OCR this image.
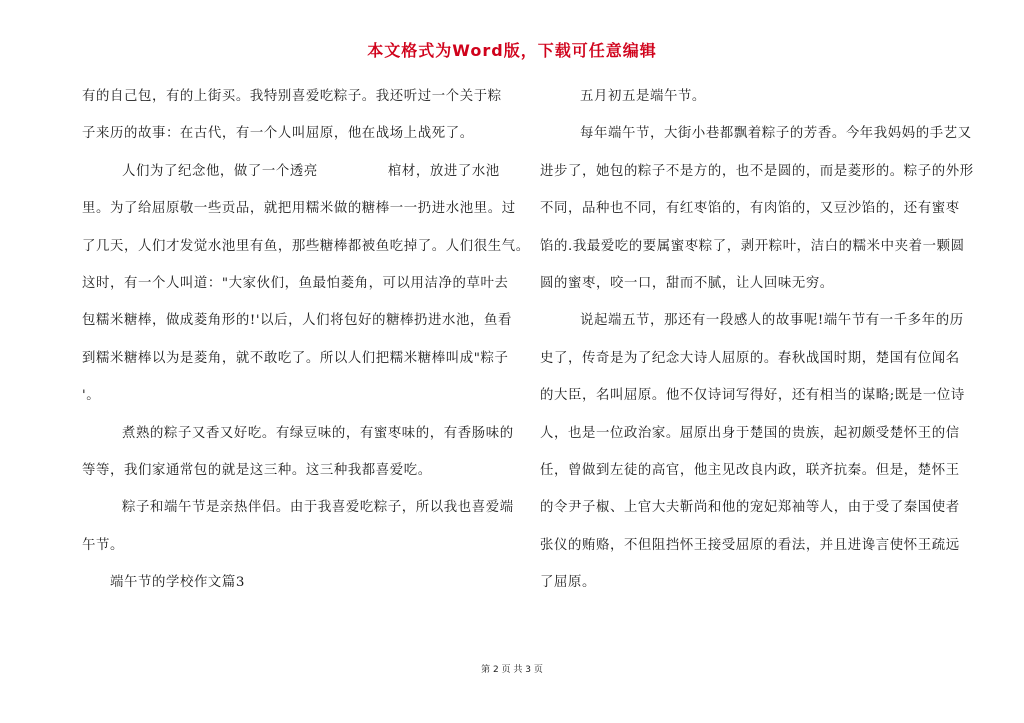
本文格式为Word版，下载可任意编辑
有的自己包，有的上街买。我特别喜爱吃粽子。我还听过一个关于粽
子来历的故事：在古代，有一个人叫屈原，他在战场上战死了。
人们为了纪念他，做了一个透亮	棺材，放进了水池
里。为了给屈原敬一些贡品，就把用糯米做的糖棒一一扔进水池里。过
了几天，人们才发觉水池里有鱼，那些糖棒都被鱼吃掉了。人们很生气。
这时，有一个人叫道："大家伙们，鱼最怕菱角，可以用洁净的草叶去
包糯米糖棒，做成菱角形的!'以后，人们将包好的糖棒扔进水池，鱼看
到糯米糖棒以为是菱角，就不敢吃了。所以人们把糯米糖棒叫成"粽子
'。
煮熟的粽子又香又好吃。有绿豆味的，有蜜枣味的，有香肠味的
等等，我们家通常包的就是这三种。这三种我都喜爱吃。
粽子和端午节是亲热伴侣。由于我喜爱吃粽子，所以我也喜爱端
午节。
端午节的学校作文篇3
五月初五是端午节。
每年端午节，大街小巷都飘着粽子的芳香。今年我妈妈的手艺又
进步了，她包的粽子不是方的，也不是圆的，而是菱形的。粽子的外形
不同，品种也不同，有红枣馅的，有肉馅的，又豆沙馅的，还有蜜枣
馅的.我最爱吃的要属蜜枣粽了，剥开粽叶，洁白的糯米中夹着一颗圆
圆的蜜枣，咬一口，甜而不腻，让人回味无穷。
说起端五节，那还有一段感人的故事呢!端午节有一千多年的历
史了，传奇是为了纪念大诗人屈原的。春秋战国时期，楚国有位闻名
的大臣，名叫屈原。他不仅诗词写得好，还有相当的谋略;既是一位诗
人，也是一位政治家。屈原出身于楚国的贵族，起初颇受楚怀王的信
任，曾做到左徒的高官，他主见改良内政，联齐抗秦。但是，楚怀王
的令尹子椒、上官大夫靳尚和他的宠妃郑袖等人，由于受了秦国使者
张仪的贿赂，不但阻挡怀王接受屈原的看法，并且进谗言使怀王疏远
了屈原。
第 2 页 共 3 页
